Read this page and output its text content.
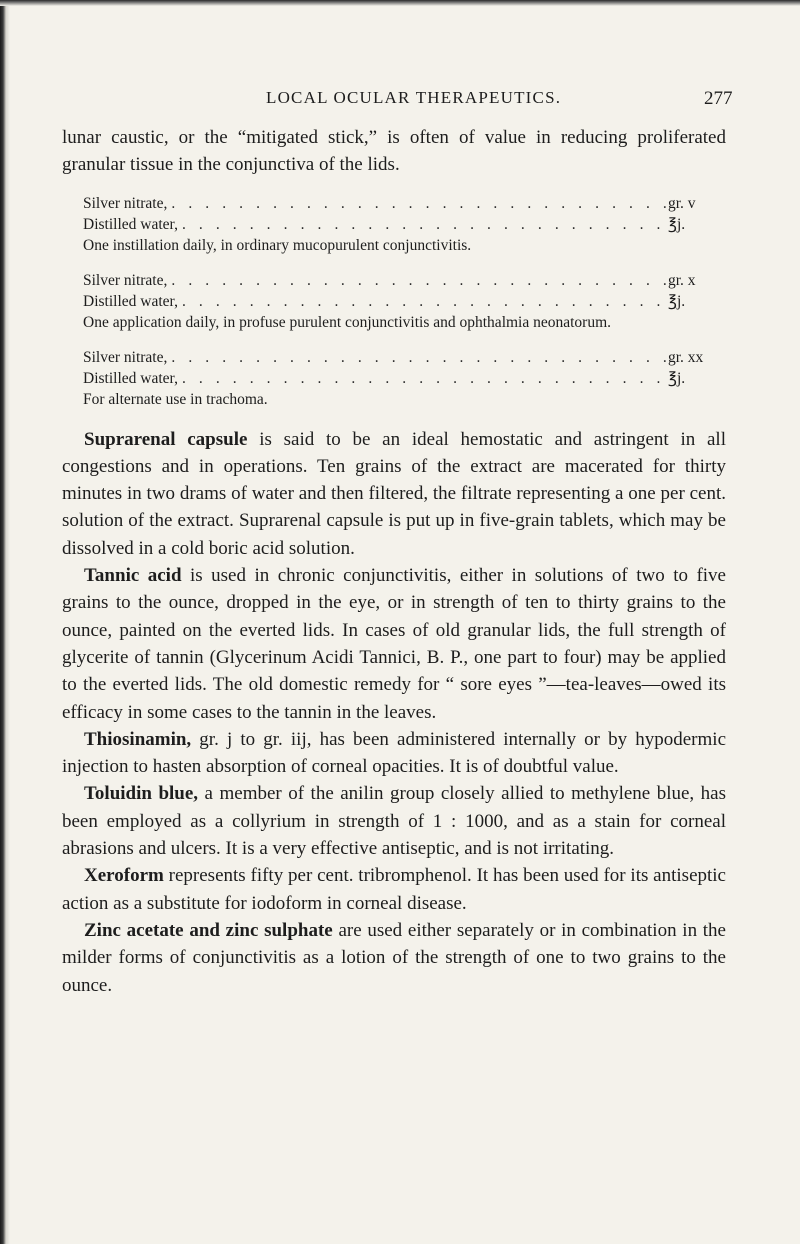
LOCAL OCULAR THERAPEUTICS.	277

lunar caustic, or the “mitigated stick,” is often of value in reducing proliferated granular tissue in the conjunctiva of the lids.

Silver nitrate, . . .	gr. v
Distilled water, . . .	℥j.

One instillation daily, in ordinary mucopurulent conjunctivitis.

Silver nitrate, . . .	gr. x
Distilled water, . . .	℥j.

One application daily, in profuse purulent conjunctivitis and ophthalmia neonatorum.

Silver nitrate, . . .	gr. xx
Distilled water, . . .	℥j.

For alternate use in trachoma.

Suprarenal capsule is said to be an ideal hemostatic and astringent in all congestions and in operations. Ten grains of the extract are macerated for thirty minutes in two drams of water and then filtered, the filtrate representing a one per cent. solution of the extract. Suprarenal capsule is put up in five-grain tablets, which may be dissolved in a cold boric acid solution.

Tannic acid is used in chronic conjunctivitis, either in solutions of two to five grains to the ounce, dropped in the eye, or in strength of ten to thirty grains to the ounce, painted on the everted lids. In cases of old granular lids, the full strength of glycerite of tannin (Glycerinum Acidi Tannici, B. P., one part to four) may be applied to the everted lids. The old domestic remedy for “ sore eyes ”—tea-leaves—owed its efficacy in some cases to the tannin in the leaves.

Thiosinamin, gr. j to gr. iij, has been administered internally or by hypodermic injection to hasten absorption of corneal opacities. It is of doubtful value.

Toluidin blue, a member of the anilin group closely allied to methylene blue, has been employed as a collyrium in strength of 1 : 1000, and as a stain for corneal abrasions and ulcers. It is a very effective antiseptic, and is not irritating.

Xeroform represents fifty per cent. tribromphenol. It has been used for its antiseptic action as a substitute for iodoform in corneal disease.

Zinc acetate and zinc sulphate are used either separately or in combination in the milder forms of conjunctivitis as a lotion of the strength of one to two grains to the ounce.
